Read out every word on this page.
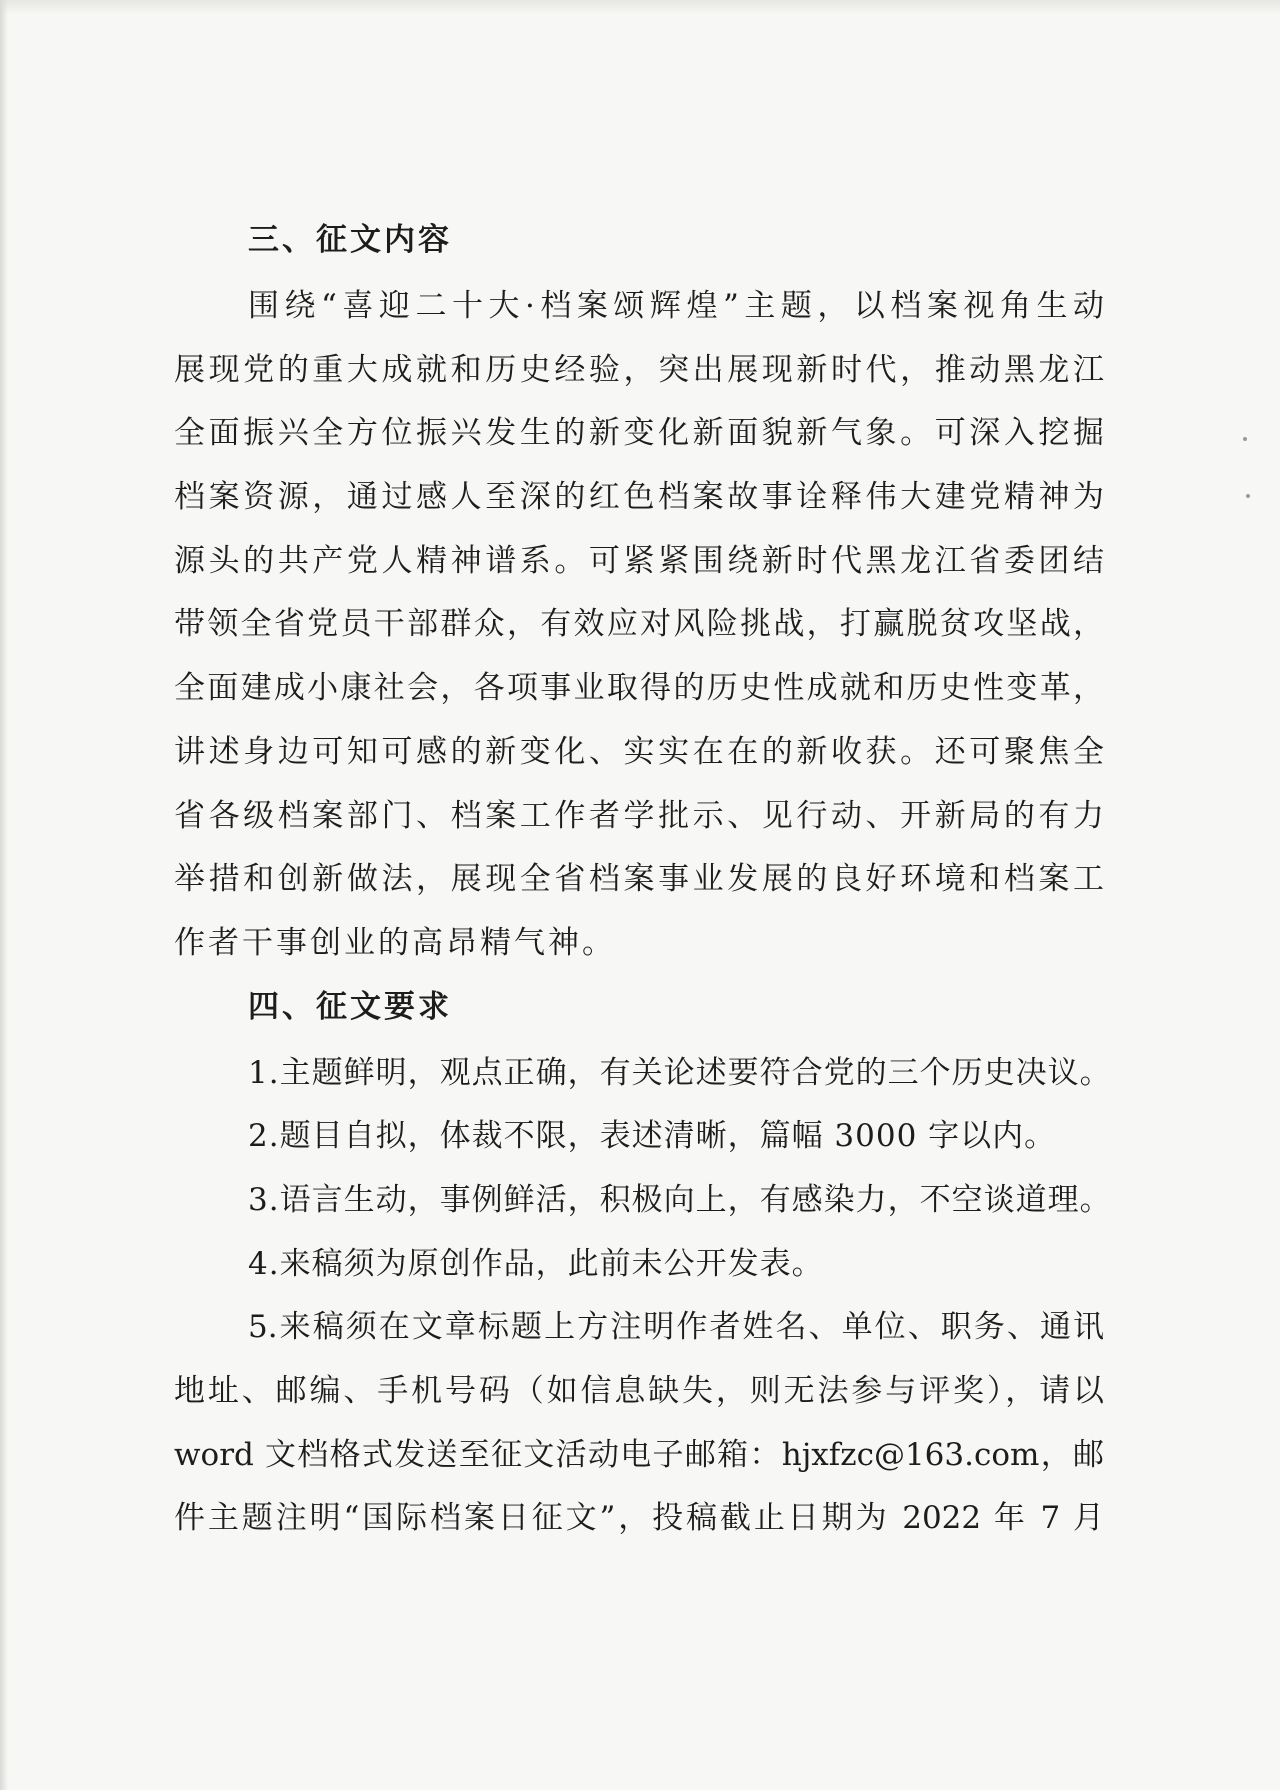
三、征文内容
围绕“喜迎二十大·档案颂辉煌”主题，以档案视角生动
展现党的重大成就和历史经验，突出展现新时代，推动黑龙江
全面振兴全方位振兴发生的新变化新面貌新气象。可深入挖掘
档案资源，通过感人至深的红色档案故事诠释伟大建党精神为
源头的共产党人精神谱系。可紧紧围绕新时代黑龙江省委团结
带领全省党员干部群众，有效应对风险挑战，打赢脱贫攻坚战，
全面建成小康社会，各项事业取得的历史性成就和历史性变革，
讲述身边可知可感的新变化、实实在在的新收获。还可聚焦全
省各级档案部门、档案工作者学批示、见行动、开新局的有力
举措和创新做法，展现全省档案事业发展的良好环境和档案工
作者干事创业的高昂精气神。
四、征文要求
1.主题鲜明，观点正确，有关论述要符合党的三个历史决议。
2.题目自拟，体裁不限，表述清晰，篇幅 3000 字以内。
3.语言生动，事例鲜活，积极向上，有感染力，不空谈道理。
4.来稿须为原创作品，此前未公开发表。
5.来稿须在文章标题上方注明作者姓名、单位、职务、通讯
地址、邮编、手机号码（如信息缺失，则无法参与评奖），请以
word 文档格式发送至征文活动电子邮箱：hjxfzc@163.com，邮
件主题注明“国际档案日征文”，投稿截止日期为 2022 年 7 月
